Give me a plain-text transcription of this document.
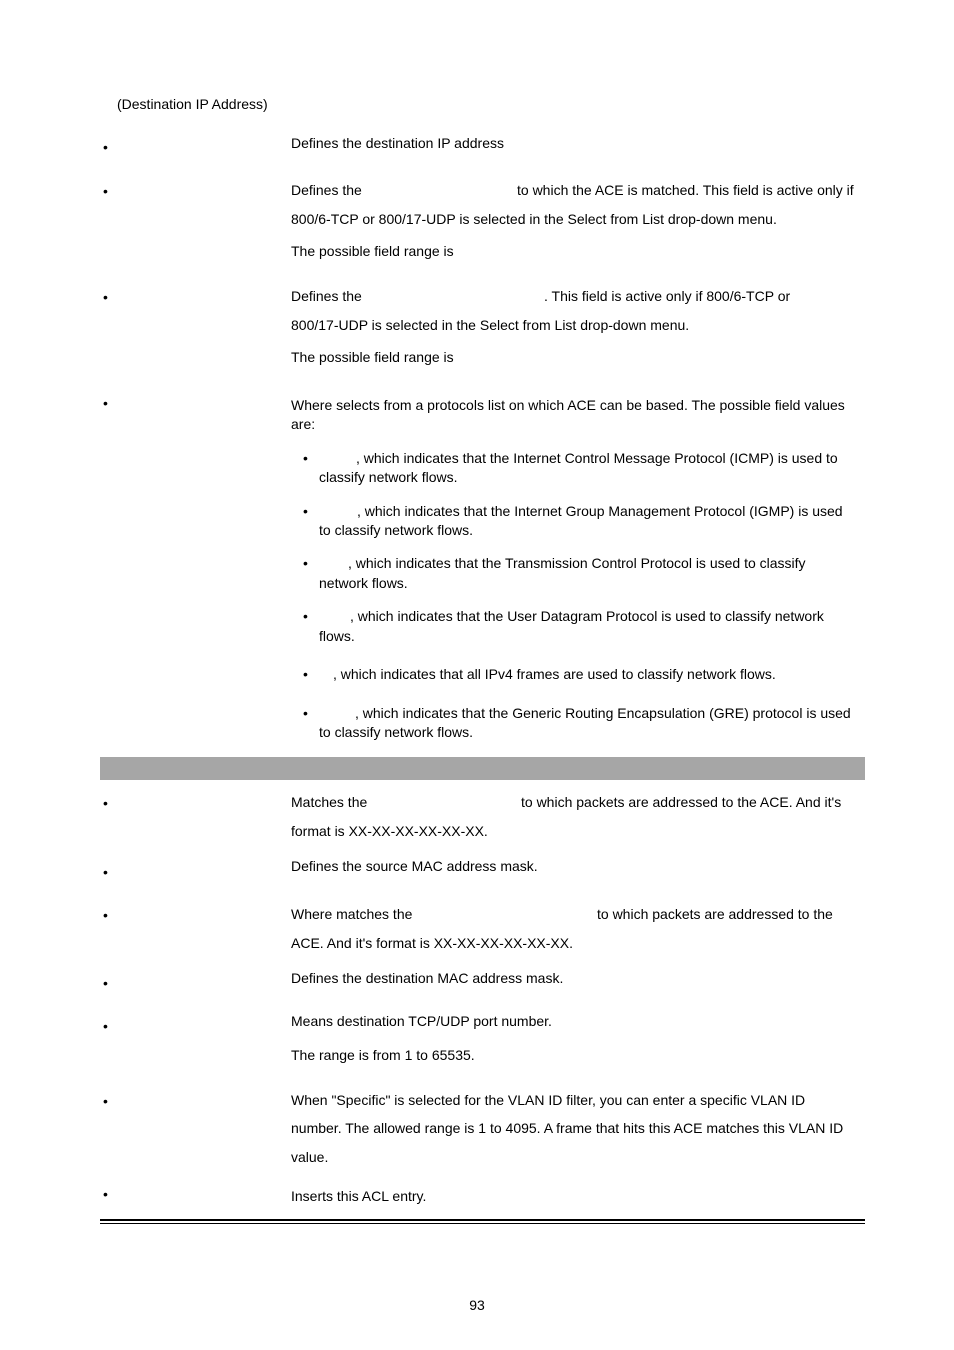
(Destination IP Address)
•	Defines the destination IP address
•	Defines the	to which the ACE is matched. This field is active only if
800/6-TCP or 800/17-UDP is selected in the Select from List drop-down menu.
The possible field range is
•	Defines the	. This field is active only if 800/6-TCP or
800/17-UDP is selected in the Select from List drop-down menu.
The possible field range is
•	Where selects from a protocols list on which ACE can be based. The possible field values
are:
•	, which indicates that the Internet Control Message Protocol (ICMP) is used to
classify network flows.
•	, which indicates that the Internet Group Management Protocol (IGMP) is used
to classify network flows.
•	, which indicates that the Transmission Control Protocol is used to classify
network flows.
•	, which indicates that the User Datagram Protocol is used to classify network
flows.
• , which indicates that all IPv4 frames are used to classify network flows.
•	, which indicates that the Generic Routing Encapsulation (GRE) protocol is used
to classify network flows.
•	Matches the	to which packets are addressed to the ACE. And it's
format is XX-XX-XX-XX-XX-XX.
•	Defines the source MAC address mask.
•	Where matches the	to which packets are addressed to the
ACE. And it's format is XX-XX-XX-XX-XX-XX.
•	Defines the destination MAC address mask.
•	Means destination TCP/UDP port number.
The range is from 1 to 65535.
•	When "Specific" is selected for the VLAN ID filter, you can enter a specific VLAN ID
number. The allowed range is 1 to 4095. A frame that hits this ACE matches this VLAN ID
value.
•	Inserts this ACL entry.
93
